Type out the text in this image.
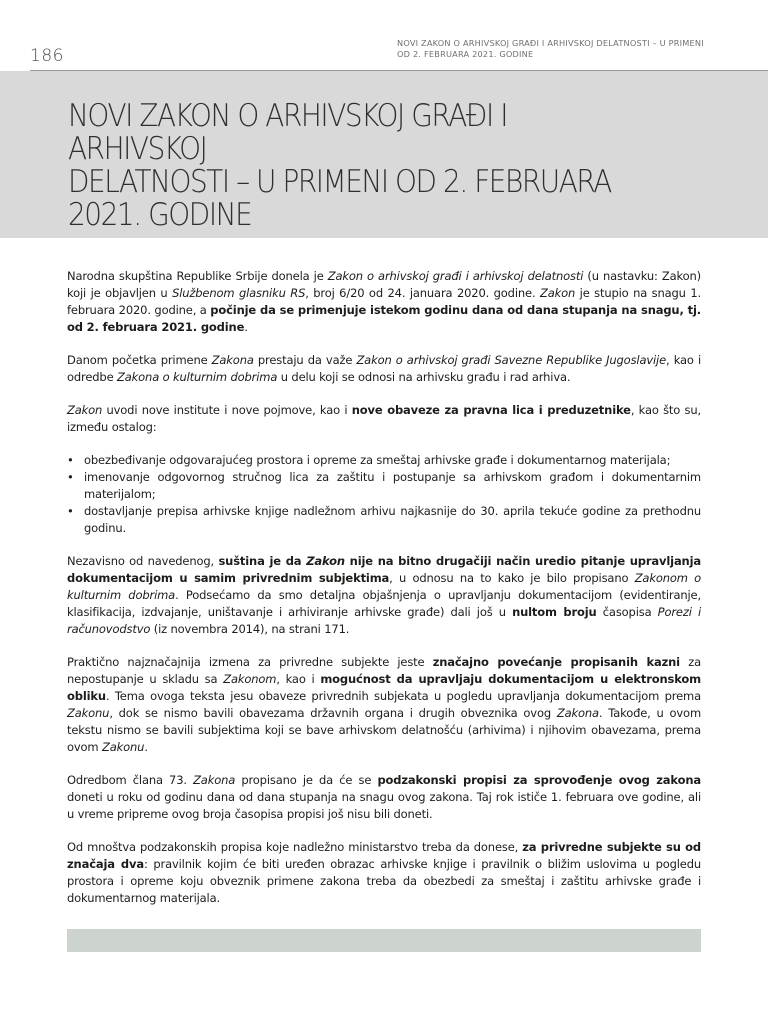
186
NOVI ZAKON O ARHIVSKOJ GRAĐI I ARHIVSKOJ DELATNOSTI – U PRIMENI
OD 2. FEBRUARA 2021. GODINE
NOVI ZAKON O ARHIVSKOJ GRAĐI I ARHIVSKOJ
DELATNOSTI – U PRIMENI OD 2. FEBRUARA
2021. GODINE

Narodna skupština Republike Srbije donela je Zakon o arhivskoj građi i arhivskoj delatnosti (u nastavku: Zakon) koji je objavljen u Službenom glasniku RS, broj 6/20 od 24. januara 2020. godine. Zakon je stupio na snagu 1. februara 2020. godine, a počinje da se primenjuje istekom godinu dana od dana stupanja na snagu, tj. od 2. februara 2021. godine.

Danom početka primene Zakona prestaju da važe Zakon o arhivskoj građi Savezne Republike Jugoslavije, kao i odredbe Zakona o kulturnim dobrima u delu koji se odnosi na arhivsku građu i rad arhiva.

Zakon uvodi nove institute i nove pojmove, kao i nove obaveze za pravna lica i preduzetnike, kao što su, između ostalog:

• obezbeđivanje odgovarajućeg prostora i opreme za smeštaj arhivske građe i dokumentarnog materijala;
• imenovanje odgovornog stručnog lica za zaštitu i postupanje sa arhivskom građom i dokumentarnim materijalom;
• dostavljanje prepisa arhivske knjige nadležnom arhivu najkasnije do 30. aprila tekuće godine za prethodnu godinu.

Nezavisno od navedenog, suština je da Zakon nije na bitno drugačiji način uredio pitanje upravljanja dokumentacijom u samim privrednim subjektima, u odnosu na to kako je bilo propisano Zakonom o kulturnim dobrima. Podsećamo da smo detaljna objašnjenja o upravljanju dokumentacijom (evidentiranje, klasifikacija, izdvajanje, uništavanje i arhiviranje arhivske građe) dali još u nultom broju časopisa Porezi i računovodstvo (iz novembra 2014), na strani 171.

Praktično najznačajnija izmena za privredne subjekte jeste značajno povećanje propisanih kazni za nepostupanje u skladu sa Zakonom, kao i mogućnost da upravljaju dokumentacijom u elektronskom obliku. Tema ovoga teksta jesu obaveze privrednih subjekata u pogledu upravljanja dokumentacijom prema Zakonu, dok se nismo bavili obavezama državnih organa i drugih obveznika ovog Zakona. Takođe, u ovom tekstu nismo se bavili subjektima koji se bave arhivskom delatnošću (arhivima) i njihovim obavezama, prema ovom Zakonu.

Odredbom člana 73. Zakona propisano je da će se podzakonski propisi za sprovođenje ovog zakona doneti u roku od godinu dana od dana stupanja na snagu ovog zakona. Taj rok ističe 1. februara ove godine, ali u vreme pripreme ovog broja časopisa propisi još nisu bili doneti.

Od mnoštva podzakonskih propisa koje nadležno ministarstvo treba da donese, za privredne subjekte su od značaja dva: pravilnik kojim će biti uređen obrazac arhivske knjige i pravilnik o bližim uslovima u pogledu prostora i opreme koju obveznik primene zakona treba da obezbedi za smeštaj i zaštitu arhivske građe i dokumentarnog materijala.
